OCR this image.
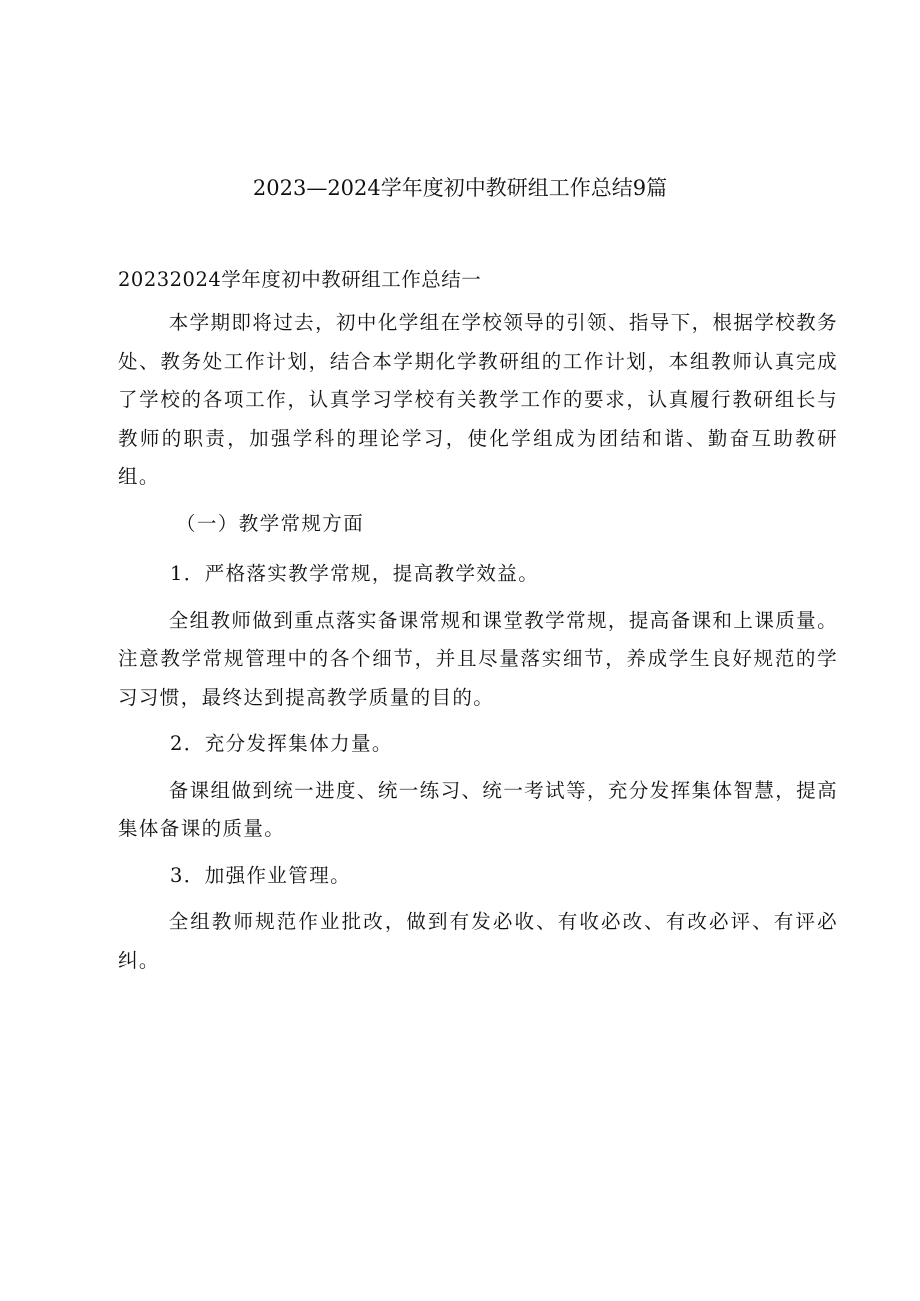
2023—2024学年度初中教研组工作总结9篇

20232024学年度初中教研组工作总结一

本学期即将过去，初中化学组在学校领导的引领、指导下，根据学校教务处、教务处工作计划，结合本学期化学教研组的工作计划，本组教师认真完成了学校的各项工作，认真学习学校有关教学工作的要求，认真履行教研组长与教师的职责，加强学科的理论学习，使化学组成为团结和谐、勤奋互助教研组。

（一）教学常规方面

1．严格落实教学常规，提高教学效益。

全组教师做到重点落实备课常规和课堂教学常规，提高备课和上课质量。注意教学常规管理中的各个细节，并且尽量落实细节，养成学生良好规范的学习习惯，最终达到提高教学质量的目的。

2．充分发挥集体力量。

备课组做到统一进度、统一练习、统一考试等，充分发挥集体智慧，提高集体备课的质量。

3．加强作业管理。

全组教师规范作业批改，做到有发必收、有收必改、有改必评、有评必纠。
